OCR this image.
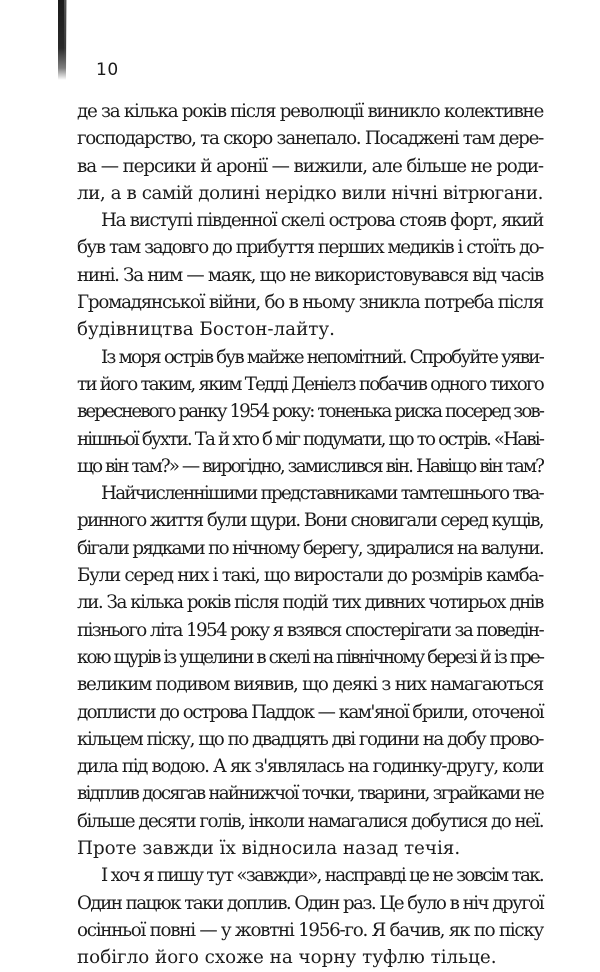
10
де за кілька років після революції виникло колективне
господарство, та скоро занепало. Посаджені там дере-
ва — персики й аронії — вижили, але більше не роди-
ли, а в самій долині нерідко вили нічні вітрюгани.
На виступі південної скелі острова стояв форт, який
був там задовго до прибуття перших медиків і стоїть до-
нині. За ним — маяк, що не використовувався від часів
Громадянської війни, бо в ньому зникла потреба після
будівництва Бостон-лайту.
Із моря острів був майже непомітний. Спробуйте уяви-
ти його таким, яким Тедді Деніелз побачив одного тихого
вересневого ранку 1954 року: тоненька риска посеред зов-
нішньої бухти. Та й хто б міг подумати, що то острів. «Наві-
що він там?» — вирогідно, замислився він. Навіщо він там?
Найчисленнішими представниками тамтешнього тва-
ринного життя були щури. Вони сновигали серед кущів,
бігали рядками по нічному берегу, здиралися на валуни.
Були серед них і такі, що виростали до розмірів камба-
ли. За кілька років після подій тих дивних чотирьох днів
пізнього літа 1954 року я взявся спостерігати за поведін-
кою щурів із ущелини в скелі на північному березі й із пре-
великим подивом виявив, що деякі з них намагаються
доплисти до острова Паддок — кам'яної брили, оточеної
кільцем піску, що по двадцять дві години на добу прово-
дила під водою. А як з'являлась на годинку-другу, коли
відплив досягав найнижчої точки, тварини, зграйками не
більше десяти голів, інколи намагалися добутися до неї.
Проте завжди їх відносила назад течія.
І хоч я пишу тут «завжди», насправді це не зовсім так.
Один пацюк таки доплив. Один раз. Це було в ніч другої
осінньої повні — у жовтні 1956-го. Я бачив, як по піску
побігло його схоже на чорну туфлю тільце.
